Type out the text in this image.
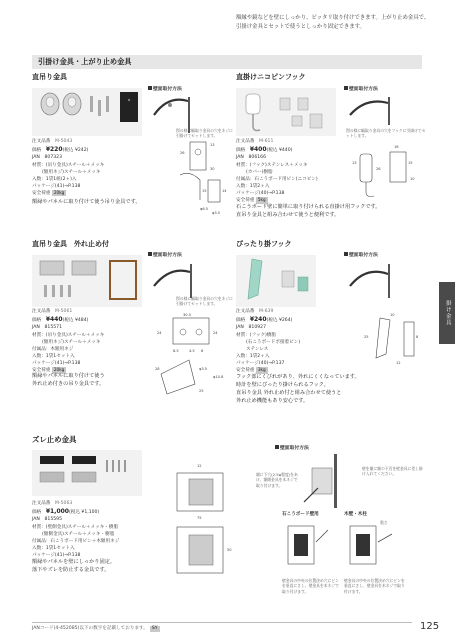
額縁や鏡などを壁にしっかり、ピッタリ取り付けできます。上がり止め金具で、
引掛け金具とセットで使うとしっかり固定できます。
引掛け金具・上がり止め金具
直吊り金具
壁面取付方法
図の様に幅取り金具の穴をネジに引掛けてセットします。
注文品番　 M-5043
価格　 ¥220(税込 ¥242)
JAN　 807323
材質：(吊り金具)スチール＋メッキ
(額用ネジ)スチール＋メッキ
入数：1袋1組(2ヶ)入
パッケージ(41)→P.138
安全荷重 20kg
額縁やパネルに取り付けて使う吊り金具です。
13
26
30
15	14
φ6.5
φ3.5
直掛けニコピンフック
壁面取付方法
図の様に幅取り金具の穴をフックに引掛けてセットします。
注文品番　 M-611
価格　 ¥400(税込 ¥440)
JAN　 806166
材質：(フック)ステンレス＋メッキ
(カバー)樹脂
付属品：石こうボード用ピン(ニコピン)
入数：1袋2ヶ入
パッケージ(40)→P.138
安全荷重 5kg
石こうボード壁に簡単に取り付けられる直掛け用フックです。
直吊り金具と組み合わせて使うと便利です。
13
26
15
16
10
直吊り金具　外れ止め付
壁面取付方法
図の様に幅取り金具の穴をネジに引掛けてセットします。
注文品番　 M-5061
価格　 ¥440(税込 ¥484)
JAN　 815571
材質：(吊り金具)スチール＋メッキ
(額用ネジ)スチール＋メッキ
付属品：木額用ネジ
入数：1袋1セット入
パッケージ(41)→P.138
安全荷重 20kg
額縁やパネルに取り付けて使う
外れ止め付きの吊り金具です。
30.5
8.5
24
4.5
24
6
28	φ3.5
φ10.8
25
ぴったり掛フック
壁面取付方法
注文品番　 M-639
価格　 ¥240(税込 ¥264)
JAN　 810927
材質：(フック)樹脂
(石こうボードポ接着ピン)
ステンレス
入数：1袋2ヶ入
パッケージ(40)→P.137
安全荷重 3kg
フック部にくびれがあり、外れにくくなっています。
時計を壁にぴったり掛けられるフック。
直吊り金具 外れ止め付と組み合わせて使うと
外れ止め機能もあり安心です。
25
10
8
12
掛け金具
ズレ止め金具
注文品番　 M-5063
価格　 ¥1,000(税込 ¥1,100)
JAN　 815595
材質：(壁側金具)スチール＋メッキ・樹脂
(額側金具)スチール＋メッキ・樹脂
付属品：石こうボード用ピン＋木額用ネジ
入数：1袋1セット入
パッケージ(41)→P.138
額縁やパネルを壁にしっかり固定。
落下やズレを防止する金具です。
12
75
50
壁面取付方法
額に下穴(2.5φ程度)をあけ、額側金具を木ネジで取り付けます。
壁を額に額の下辺を壁金具に差し掛け入れてください。
石こうボード壁用	木壁・木柱
奥さ
壁金具の中央の位置決め穴にピンを垂直にさし、壁金具を木ネジで取り付けます。
壁金具の中央の位置決め穴にピンを垂直にさし、壁金具を木ネジで取り付けます。
JANコード(4-452085)以下の数字を記載しております。 SY	125
